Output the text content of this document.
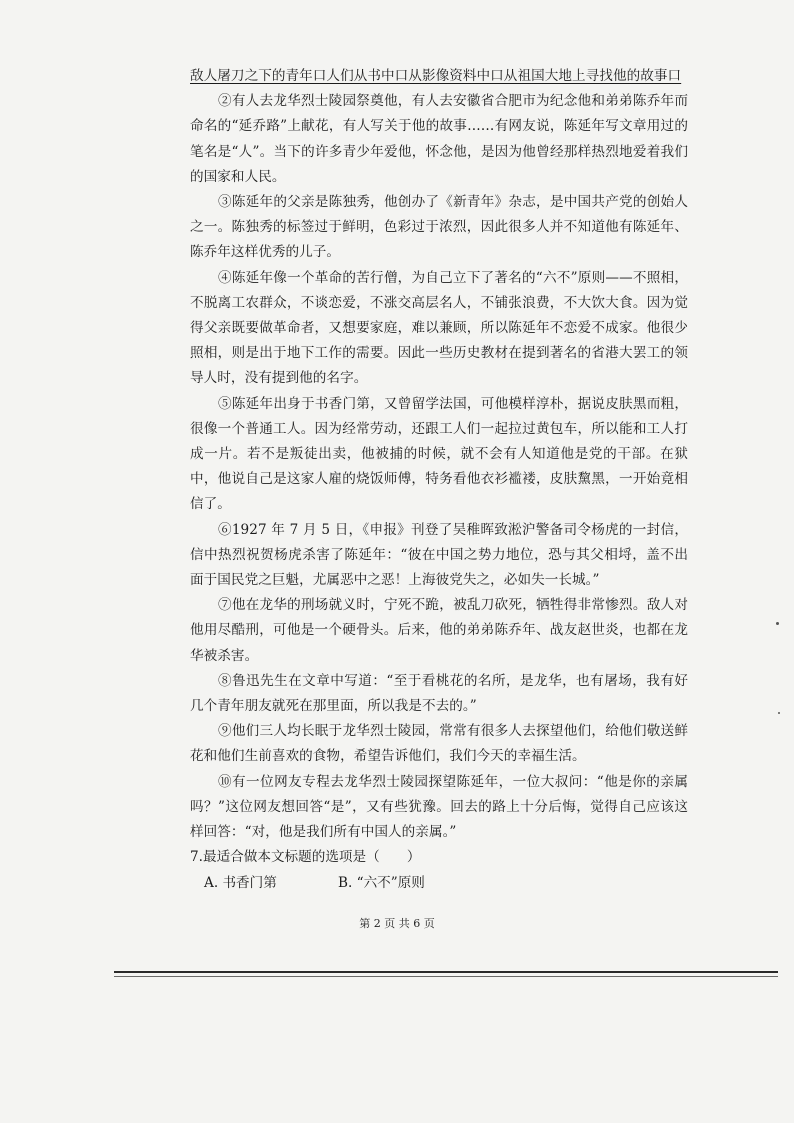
敌人屠刀之下的青年口人们从书中口从影像资料中口从祖国大地上寻找他的故事口

②有人去龙华烈士陵园祭奠他，有人去安徽省合肥市为纪念他和弟弟陈乔年而命名的“延乔路”上献花，有人写关于他的故事……有网友说，陈延年写文章用过的笔名是“人”。当下的许多青少年爱他，怀念他，是因为他曾经那样热烈地爱着我们的国家和人民。

③陈延年的父亲是陈独秀，他创办了《新青年》杂志，是中国共产党的创始人之一。陈独秀的标签过于鲜明，色彩过于浓烈，因此很多人并不知道他有陈延年、陈乔年这样优秀的儿子。

④陈延年像一个革命的苦行僧，为自己立下了著名的“六不”原则——不照相，不脱离工农群众，不谈恋爱，不涨交高层名人，不铺张浪费，不大饮大食。因为觉得父亲既要做革命者，又想要家庭，难以兼顾，所以陈延年不恋爱不成家。他很少照相，则是出于地下工作的需要。因此一些历史教材在提到著名的省港大罢工的领导人时，没有提到他的名字。

⑤陈延年出身于书香门第，又曾留学法国，可他模样淳朴，据说皮肤黑而粗，很像一个普通工人。因为经常劳动，还跟工人们一起拉过黄包车，所以能和工人打成一片。若不是叛徒出卖，他被捕的时候，就不会有人知道他是党的干部。在狱中，他说自己是这家人雇的烧饭师傅，特务看他衣衫褴褛，皮肤黧黑，一开始竟相信了。

⑥1927 年 7 月 5 日，《申报》刊登了吴稚晖致淞沪警备司令杨虎的一封信，信中热烈祝贺杨虎杀害了陈延年：“彼在中国之势力地位，恐与其父相埒，盖不出面于国民党之巨魁，尤属恶中之恶！上海彼党失之，必如失一长城。”

⑦他在龙华的刑场就义时，宁死不跪，被乱刀砍死，牺牲得非常惨烈。敌人对他用尽酷刑，可他是一个硬骨头。后来，他的弟弟陈乔年、战友赵世炎，也都在龙华被杀害。

⑧鲁迅先生在文章中写道：“至于看桃花的名所，是龙华，也有屠场，我有好几个青年朋友就死在那里面，所以我是不去的。”

⑨他们三人均长眠于龙华烈士陵园，常常有很多人去探望他们，给他们敬送鲜花和他们生前喜欢的食物，希望告诉他们，我们今天的幸福生活。

⑩有一位网友专程去龙华烈士陵园探望陈延年，一位大叔问：“他是你的亲属吗？”这位网友想回答“是”，又有些犹豫。回去的路上十分后悔，觉得自己应该这样回答：“对，他是我们所有中国人的亲属。”

7.最适合做本文标题的选项是（　　）

A. 书香门第	B. “六不”原则

第 2 页 共 6 页
